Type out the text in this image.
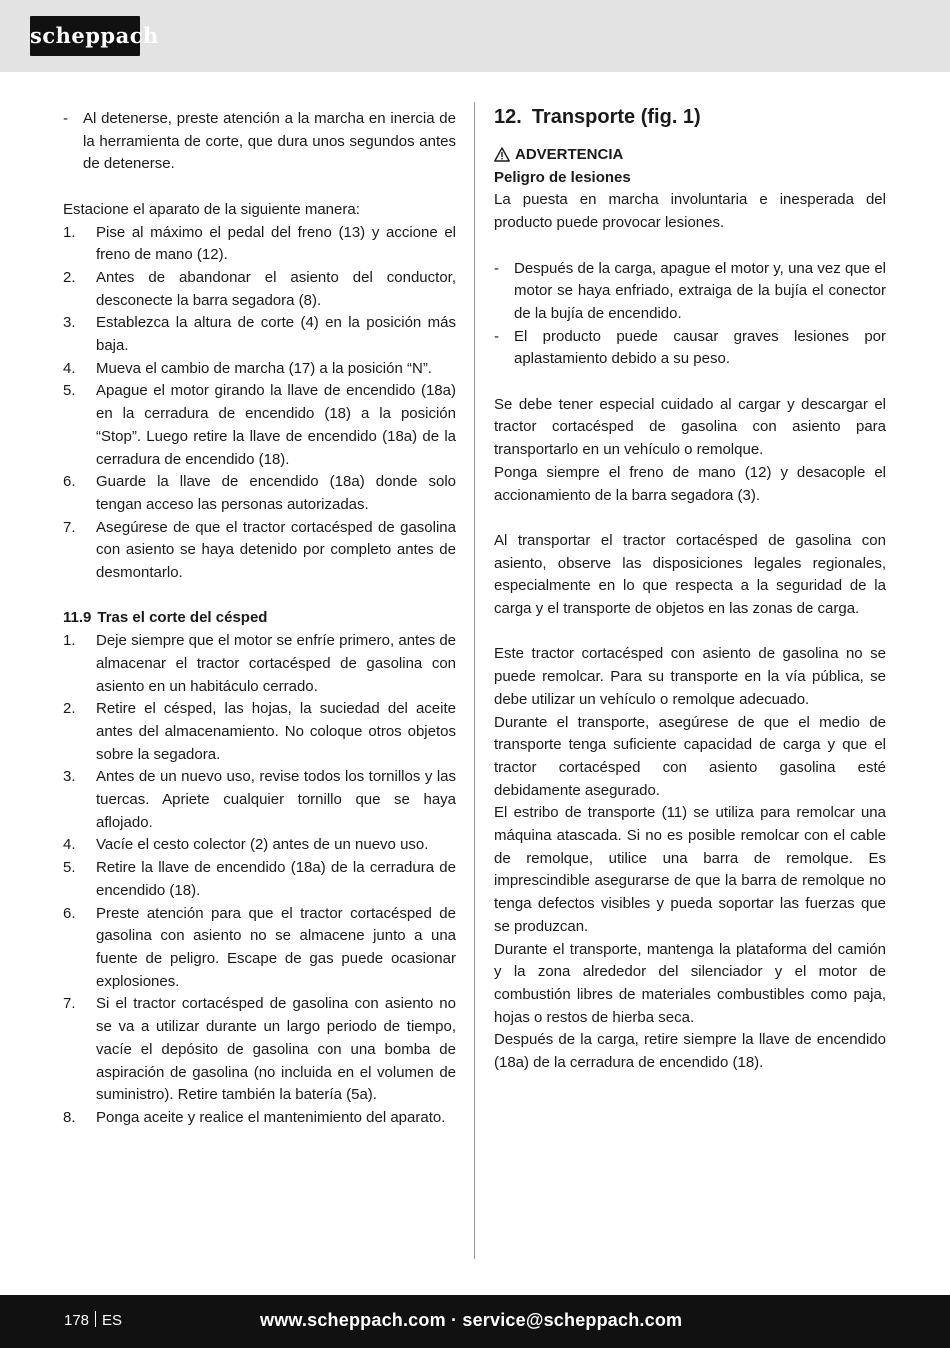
scheppach
-	Al detenerse, preste atención a la marcha en inercia de la herramienta de corte, que dura unos segundos antes de detenerse.

Estacione el aparato de la siguiente manera:

1.	Pise al máximo el pedal del freno (13) y accione el freno de mano (12).
2.	Antes de abandonar el asiento del conductor, desconecte la barra segadora (8).
3.	Establezca la altura de corte (4) en la posición más baja.
4.	Mueva el cambio de marcha (17) a la posición “N”.
5.	Apague el motor girando la llave de encendido (18a) en la cerradura de encendido (18) a la posición “Stop”. Luego retire la llave de encendido (18a) de la cerradura de encendido (18).
6.	Guarde la llave de encendido (18a) donde solo tengan acceso las personas autorizadas.
7.	Asegúrese de que el tractor cortacésped de gasolina con asiento se haya detenido por completo antes de desmontarlo.
11.9 Tras el corte del césped
1.	Deje siempre que el motor se enfríe primero, antes de almacenar el tractor cortacésped de gasolina con asiento en un habitáculo cerrado.
2.	Retire el césped, las hojas, la suciedad del aceite antes del almacenamiento. No coloque otros objetos sobre la segadora.
3.	Antes de un nuevo uso, revise todos los tornillos y las tuercas. Apriete cualquier tornillo que se haya aflojado.
4.	Vacíe el cesto colector (2) antes de un nuevo uso.
5.	Retire la llave de encendido (18a) de la cerradura de encendido (18).
6.	Preste atención para que el tractor cortacésped de gasolina con asiento no se almacene junto a una fuente de peligro. Escape de gas puede ocasionar explosiones.
7.	Si el tractor cortacésped de gasolina con asiento no se va a utilizar durante un largo periodo de tiempo, vacíe el depósito de gasolina con una bomba de aspiración de gasolina (no incluida en el volumen de suministro). Retire también la batería (5a).
8.	Ponga aceite y realice el mantenimiento del aparato.
12. Transporte (fig. 1)
ADVERTENCIA
Peligro de lesiones

La puesta en marcha involuntaria e inesperada del producto puede provocar lesiones.

-	Después de la carga, apague el motor y, una vez que el motor se haya enfriado, extraiga de la bujía el conector de la bujía de encendido.
-	El producto puede causar graves lesiones por aplastamiento debido a su peso.

Se debe tener especial cuidado al cargar y descargar el tractor cortacésped de gasolina con asiento para transportarlo en un vehículo o remolque.

Ponga siempre el freno de mano (12) y desacople el accionamiento de la barra segadora (3).

Al transportar el tractor cortacésped de gasolina con asiento, observe las disposiciones legales regionales, especialmente en lo que respecta a la seguridad de la carga y el transporte de objetos en las zonas de carga.

Este tractor cortacésped con asiento de gasolina no se puede remolcar. Para su transporte en la vía pública, se debe utilizar un vehículo o remolque adecuado.

Durante el transporte, asegúrese de que el medio de transporte tenga suficiente capacidad de carga y que el tractor cortacésped con asiento gasolina esté debidamente asegurado.

El estribo de transporte (11) se utiliza para remolcar una máquina atascada. Si no es posible remolcar con el cable de remolque, utilice una barra de remolque. Es imprescindible asegurarse de que la barra de remolque no tenga defectos visibles y pueda soportar las fuerzas que se produzcan.

Durante el transporte, mantenga la plataforma del camión y la zona alrededor del silenciador y el motor de combustión libres de materiales combustibles como paja, hojas o restos de hierba seca.

Después de la carga, retire siempre la llave de encendido (18a) de la cerradura de encendido (18).

178 ES	www.scheppach.com · service@scheppach.com
